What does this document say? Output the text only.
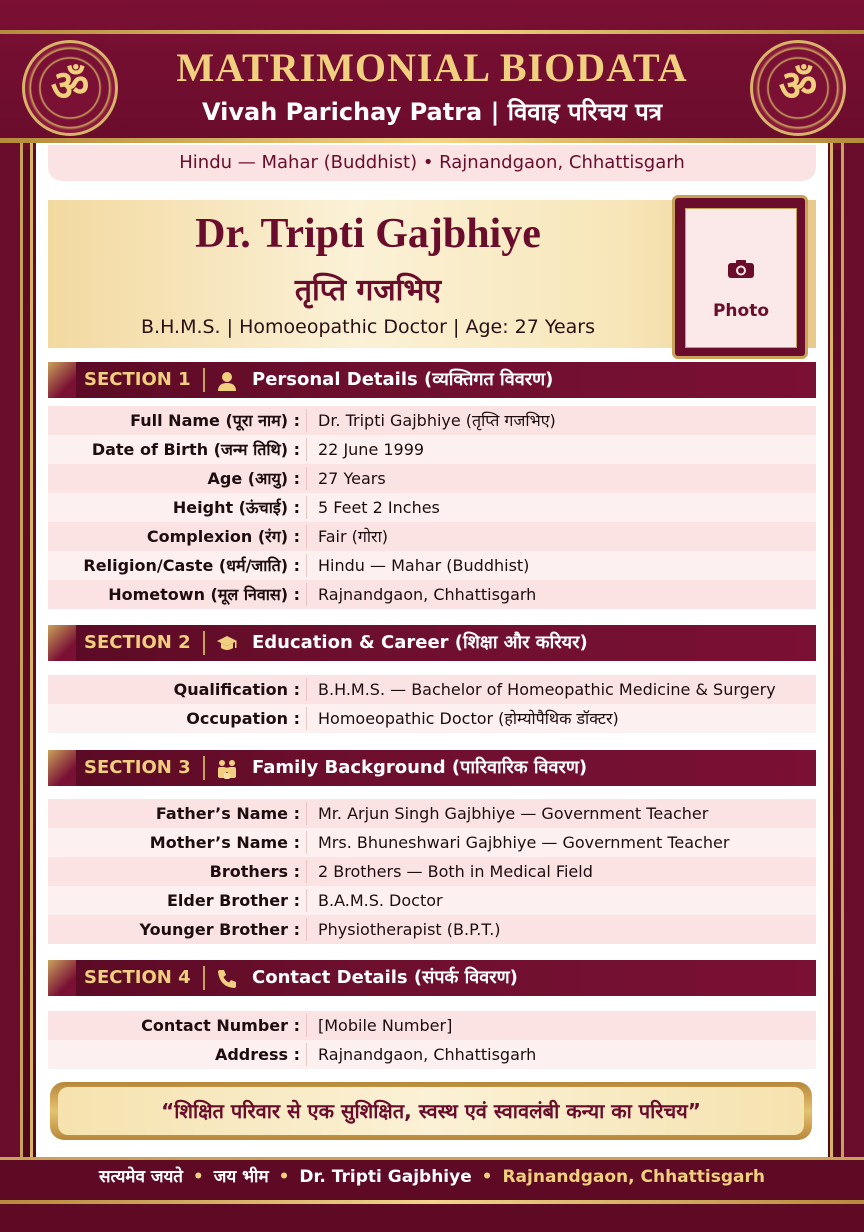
ॐ	ॐ
MATRIMONIAL BIODATA
Vivah Parichay Patra | विवाह परिचय पत्र
Hindu — Mahar (Buddhist) • Rajnandgaon, Chhattisgarh
Dr. Tripti Gajbhiye
तृप्ति गजभिए
B.H.M.S. | Homoeopathic Doctor | Age: 27 Years
Photo
SECTION 1	Personal Details (व्यक्तिगत विवरण)
Full Name (पूरा नाम) : Dr. Tripti Gajbhiye (तृप्ति गजभिए)
Date of Birth (जन्म तिथि) : 22 June 1999
Age (आयु) : 27 Years
Height (ऊंचाई) : 5 Feet 2 Inches
Complexion (रंग) : Fair (गोरा)
Religion/Caste (धर्म/जाति) : Hindu — Mahar (Buddhist)
Hometown (मूल निवास) : Rajnandgaon, Chhattisgarh
SECTION 2	Education & Career (शिक्षा और करियर)
Qualification : B.H.M.S. — Bachelor of Homeopathic Medicine & Surgery
Occupation : Homoeopathic Doctor (होम्योपैथिक डॉक्टर)
SECTION 3	Family Background (पारिवारिक विवरण)
Father’s Name : Mr. Arjun Singh Gajbhiye — Government Teacher
Mother’s Name : Mrs. Bhuneshwari Gajbhiye — Government Teacher
Brothers : 2 Brothers — Both in Medical Field
Elder Brother : B.A.M.S. Doctor
Younger Brother : Physiotherapist (B.P.T.)
SECTION 4	Contact Details (संपर्क विवरण)
Contact Number : [Mobile Number]
Address : Rajnandgaon, Chhattisgarh
“शिक्षित परिवार से एक सुशिक्षित, स्वस्थ एवं स्वावलंबी कन्या का परिचय”
सत्यमेव जयते • जय भीम • Dr. Tripti Gajbhiye • Rajnandgaon, Chhattisgarh
